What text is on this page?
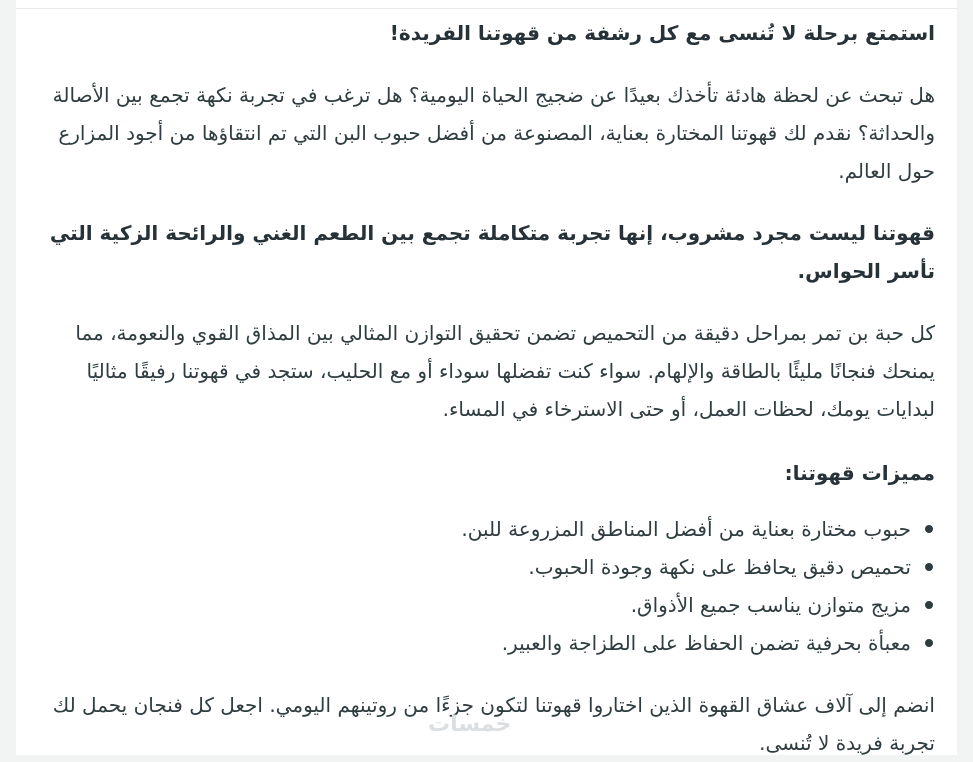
استمتع برحلة لا تُنسى مع كل رشفة من قهوتنا الفريدة!

هل تبحث عن لحظة هادئة تأخذك بعيدًا عن ضجيج الحياة اليومية؟ هل ترغب في تجربة نكهة تجمع بين الأصالة والحداثة؟ نقدم لك قهوتنا المختارة بعناية، المصنوعة من أفضل حبوب البن التي تم انتقاؤها من أجود المزارع حول العالم.

قهوتنا ليست مجرد مشروب، إنها تجربة متكاملة تجمع بين الطعم الغني والرائحة الزكية التي تأسر الحواس.

كل حبة بن تمر بمراحل دقيقة من التحميص تضمن تحقيق التوازن المثالي بين المذاق القوي والنعومة، مما يمنحك فنجانًا مليئًا بالطاقة والإلهام. سواء كنت تفضلها سوداء أو مع الحليب، ستجد في قهوتنا رفيقًا مثاليًا لبدايات يومك، لحظات العمل، أو حتى الاسترخاء في المساء.

مميزات قهوتنا:

حبوب مختارة بعناية من أفضل المناطق المزروعة للبن.
تحميص دقيق يحافظ على نكهة وجودة الحبوب.
مزيج متوازن يناسب جميع الأذواق.
معبأة بحرفية تضمن الحفاظ على الطزاجة والعبير.

انضم إلى آلاف عشاق القهوة الذين اختاروا قهوتنا لتكون جزءًا من روتينهم اليومي. اجعل كل فنجان يحمل لك تجربة فريدة لا تُنسى.

خمسات
